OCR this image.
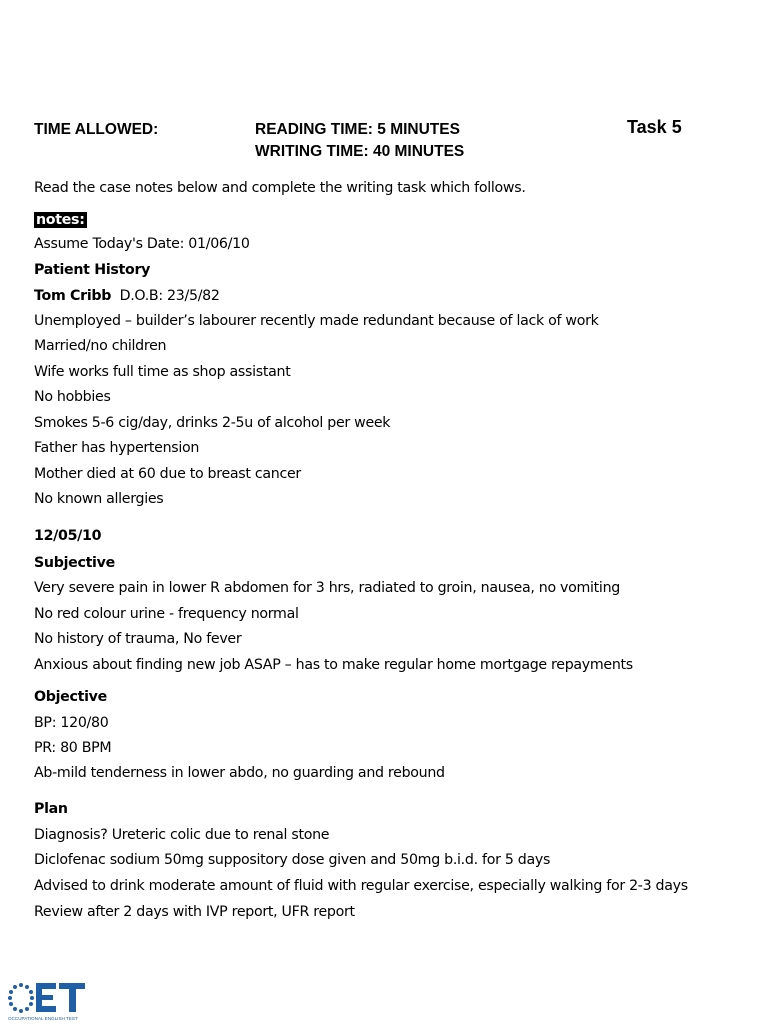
TIME ALLOWED:	READING TIME: 5 MINUTES
WRITING TIME: 40 MINUTES
Task 5
Read the case notes below and complete the writing task which follows.
notes:
Assume Today's Date: 01/06/10
Patient History
Tom Cribb D.O.B: 23/5/82
Unemployed – builder’s labourer recently made redundant because of lack of work
Married/no children
Wife works full time as shop assistant
No hobbies
Smokes 5-6 cig/day, drinks 2-5u of alcohol per week
Father has hypertension
Mother died at 60 due to breast cancer
No known allergies
12/05/10
Subjective
Very severe pain in lower R abdomen for 3 hrs, radiated to groin, nausea, no vomiting
No red colour urine - frequency normal
No history of trauma, No fever
Anxious about finding new job ASAP – has to make regular home mortgage repayments
Objective
BP: 120/80
PR: 80 BPM
Ab-mild tenderness in lower abdo, no guarding and rebound
Plan
Diagnosis? Ureteric colic due to renal stone
Diclofenac sodium 50mg suppository dose given and 50mg b.i.d. for 5 days
Advised to drink moderate amount of fluid with regular exercise, especially walking for 2-3 days
Review after 2 days with IVP report, UFR report
OCCUPATIONAL ENGLISH TEST
